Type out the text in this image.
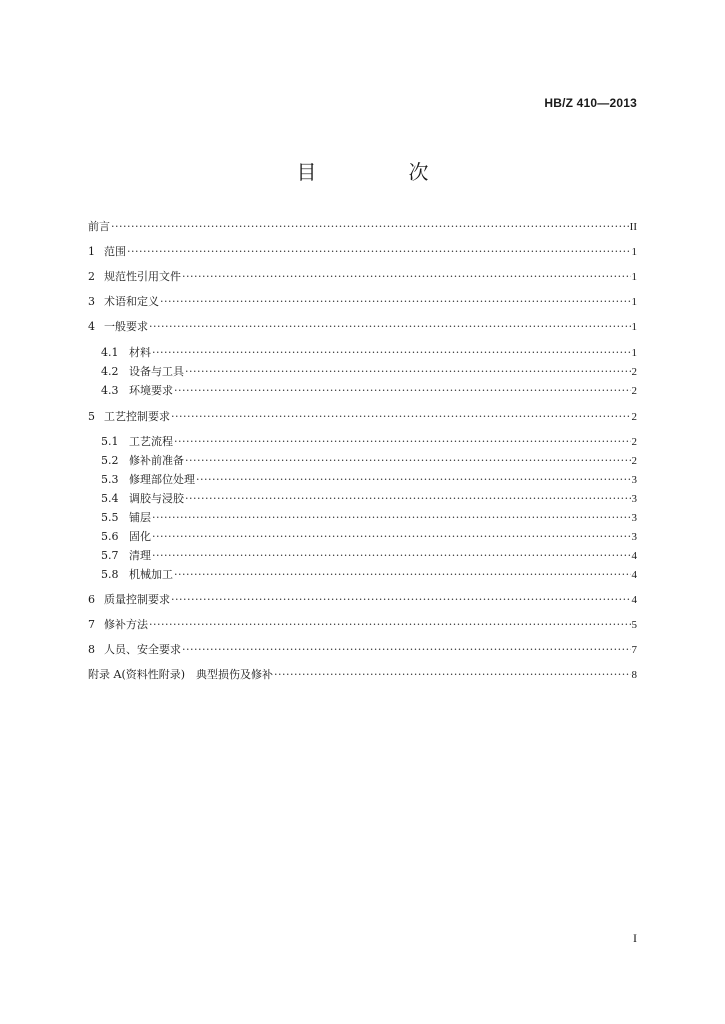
HB/Z 410—2013
目　次
前言 ·····	II
1 范围 ·····	1
2 规范性引用文件 ·····	1
3 术语和定义 ·····	1
4 一般要求 ·····	1
4.1 材料 ·····	1
4.2 设备与工具 ·····	2
4.3 环境要求 ·····	2
5 工艺控制要求 ·····	2
5.1 工艺流程 ·····	2
5.2 修补前准备 ·····	2
5.3 修理部位处理 ·····	3
5.4 调胶与浸胶 ·····	3
5.5 铺层 ·····	3
5.6 固化 ·····	3
5.7 清理 ·····	4
5.8 机械加工 ·····	4
6 质量控制要求 ·····	4
7 修补方法 ·····	5
8 人员、安全要求 ·····	7
附录 A(资料性附录)　典型损伤及修补 ·····	8
I
